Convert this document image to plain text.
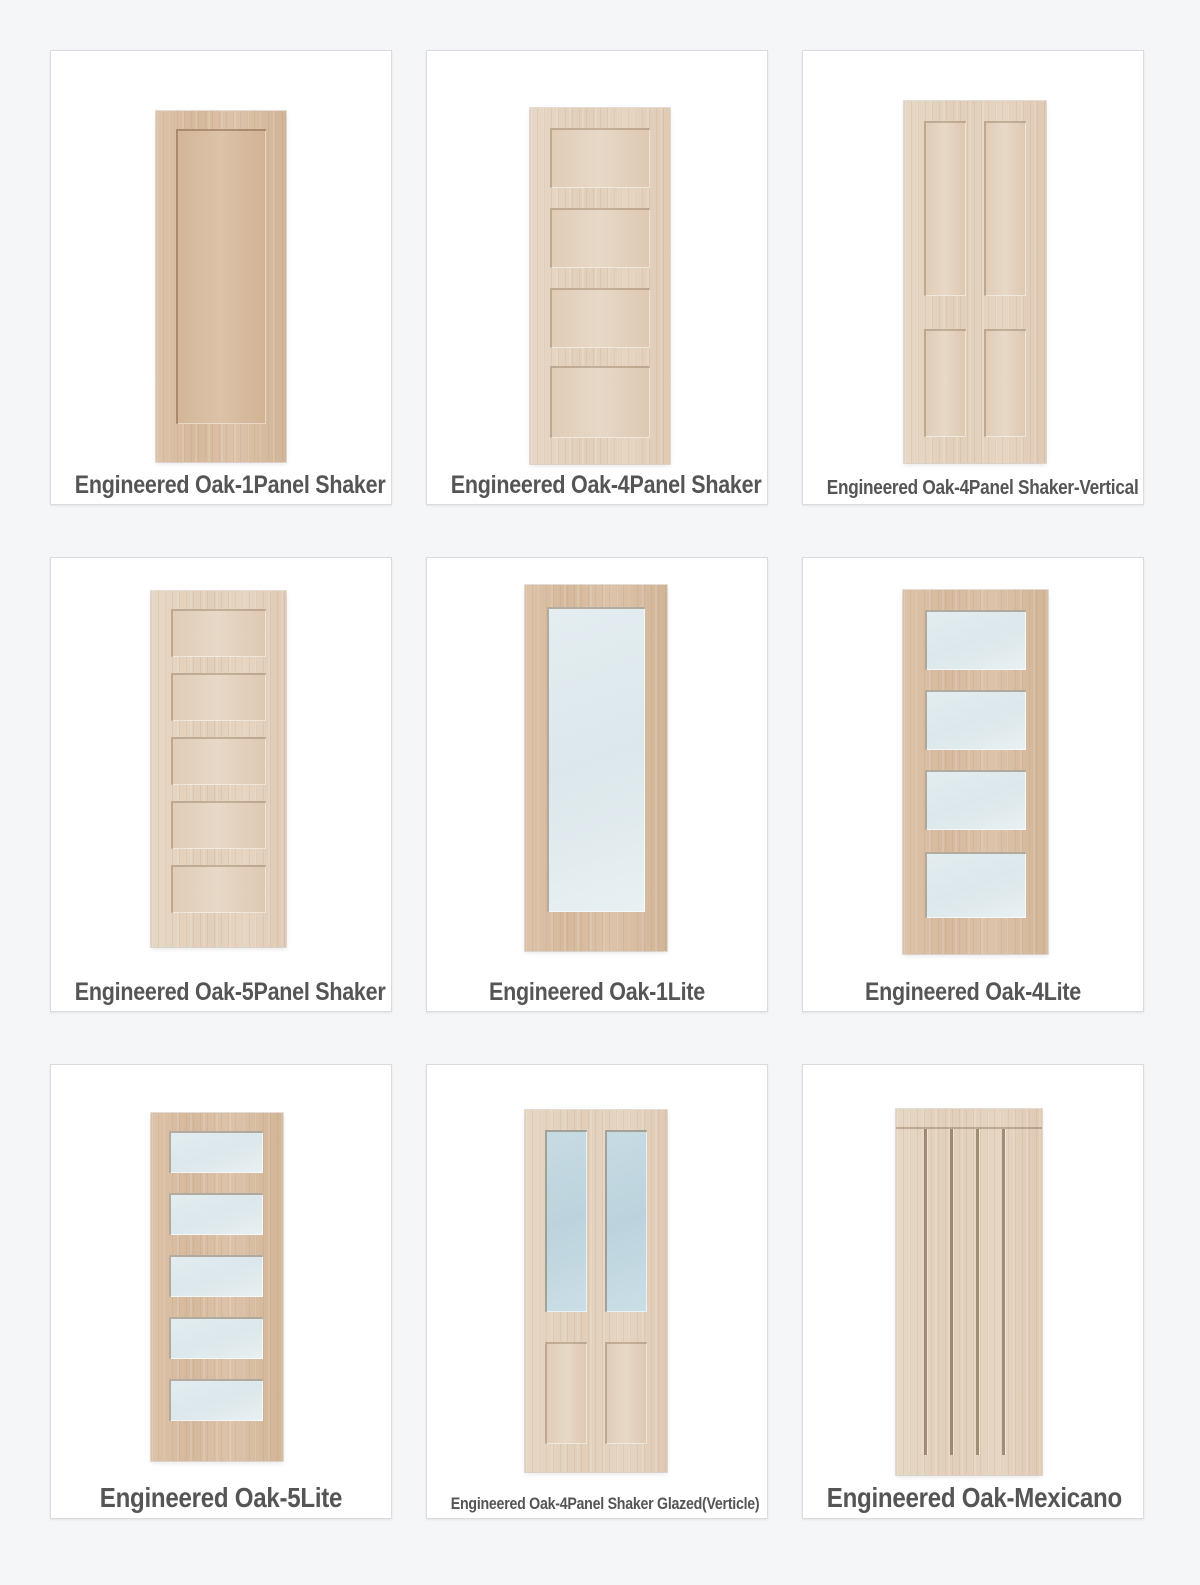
Engineered Oak-1Panel Shaker	Engineered Oak-4Panel Shaker	Engineered Oak-4Panel Shaker-Vertical
Engineered Oak-5Panel Shaker	Engineered Oak-1Lite	Engineered Oak-4Lite
Engineered Oak-5Lite	Engineered Oak-4Panel Shaker Glazed(Verticle) Engineered Oak-Mexicano
